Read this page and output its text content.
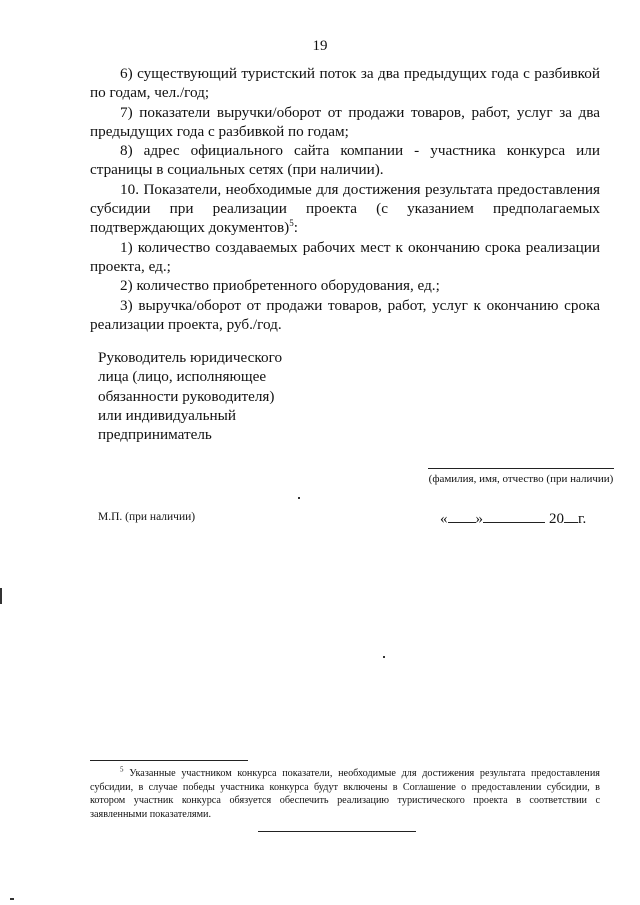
19

6) существующий туристский поток за два предыдущих года с разбивкой по годам, чел./год;

7) показатели выручки/оборот от продажи товаров, работ, услуг за два предыдущих года с разбивкой по годам;

8) адрес официального сайта компании - участника конкурса или страницы в социальных сетях (при наличии).

10. Показатели, необходимые для достижения результата предоставления субсидии при реализации проекта (с указанием предполагаемых подтверждающих документов)$^5$:

1) количество создаваемых рабочих мест к окончанию срока реализации проекта, ед.;

2) количество приобретенного оборудования, ед.;

3) выручка/оборот от продажи товаров, работ, услуг к окончанию срока реализации проекта, руб./год.

Руководитель юридического
лица (лицо, исполняющее
обязанности руководителя)
или индивидуальный
предприниматель
(фамилия, имя, отчество (при наличии)
М.П. (при наличии)	« »	20 г.
$^5$ Указанные участником конкурса показатели, необходимые для достижения результата предоставления субсидии, в случае победы участника конкурса будут включены в Соглашение о предоставлении субсидии, в котором участник конкурса обязуется обеспечить реализацию туристического проекта в соответствии с заявленными показателями.
